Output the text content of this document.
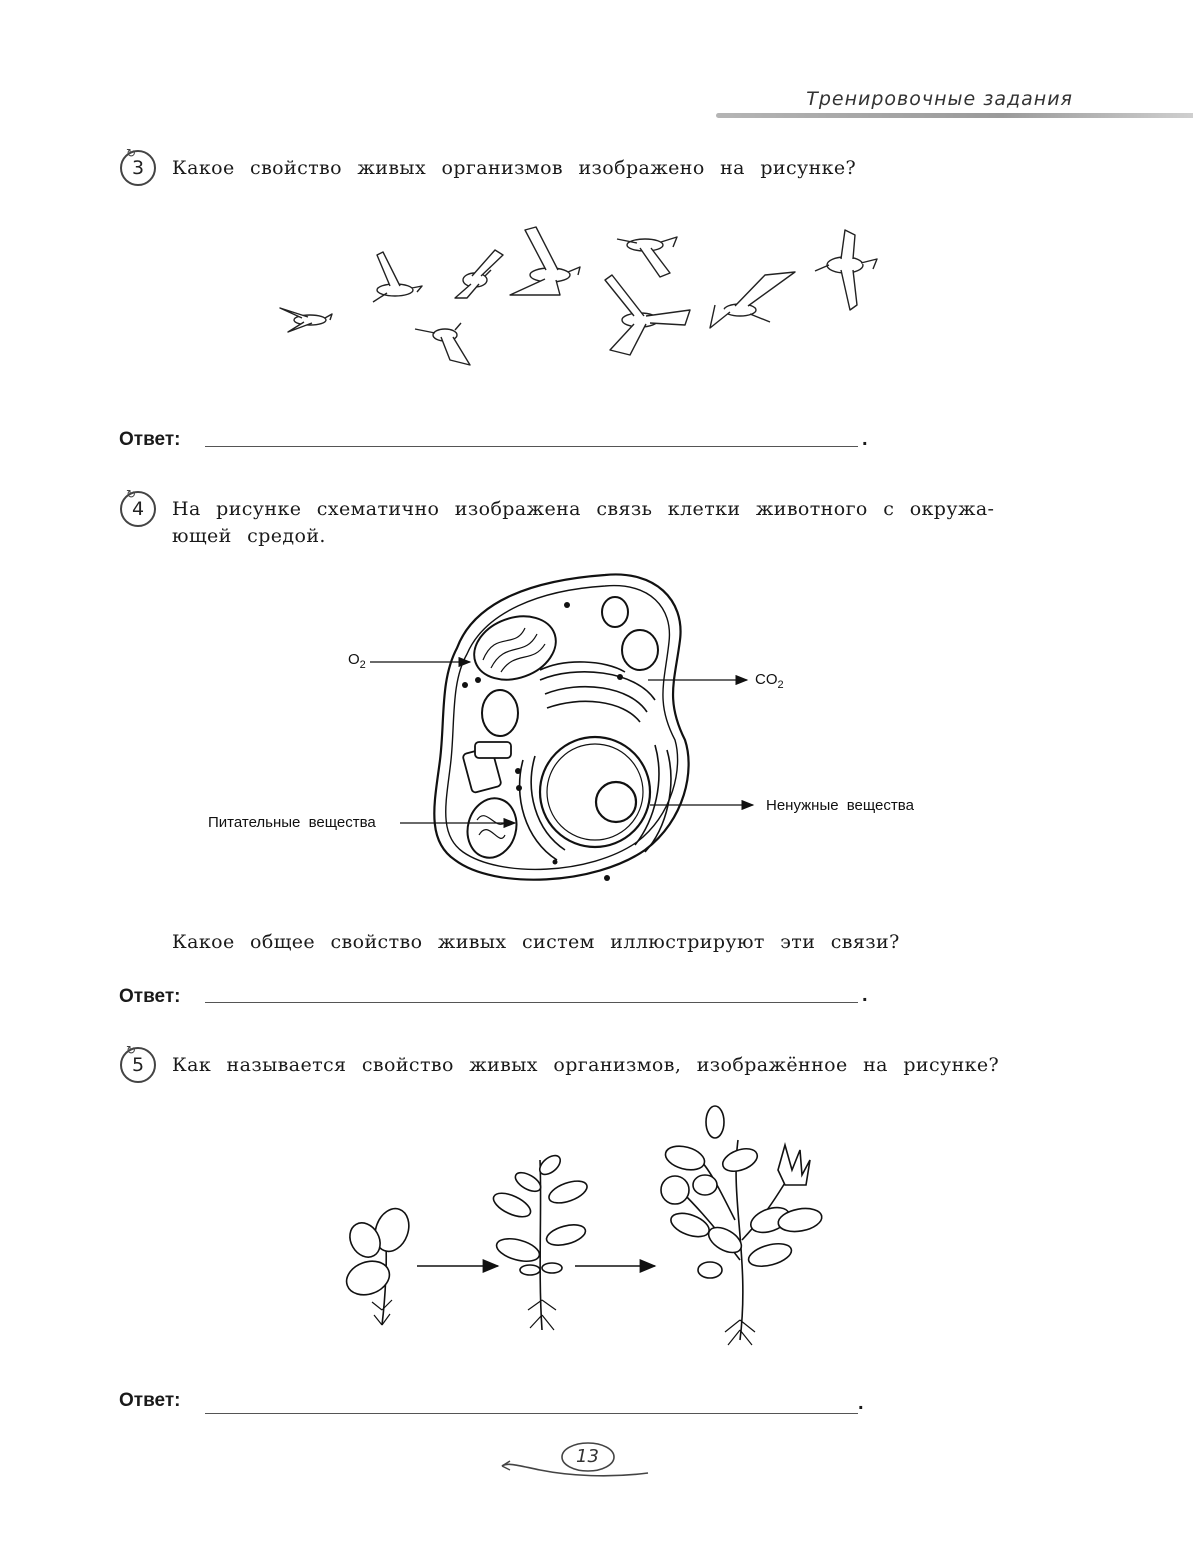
Тренировочные задания
↻
3 Какое свойство живых организмов изображено на рисунке?
Ответ:	.
↻
4 На рисунке схематично изображена связь клетки животного с окружа-
ющей средой.
$O_2$
$CO_2$
Питательные вещества
Ненужные вещества
Какое общее свойство живых систем иллюстрируют эти связи?
Ответ:	.
↻
5 Как называется свойство живых организмов, изображённое на рисунке?
Ответ:	.
13
